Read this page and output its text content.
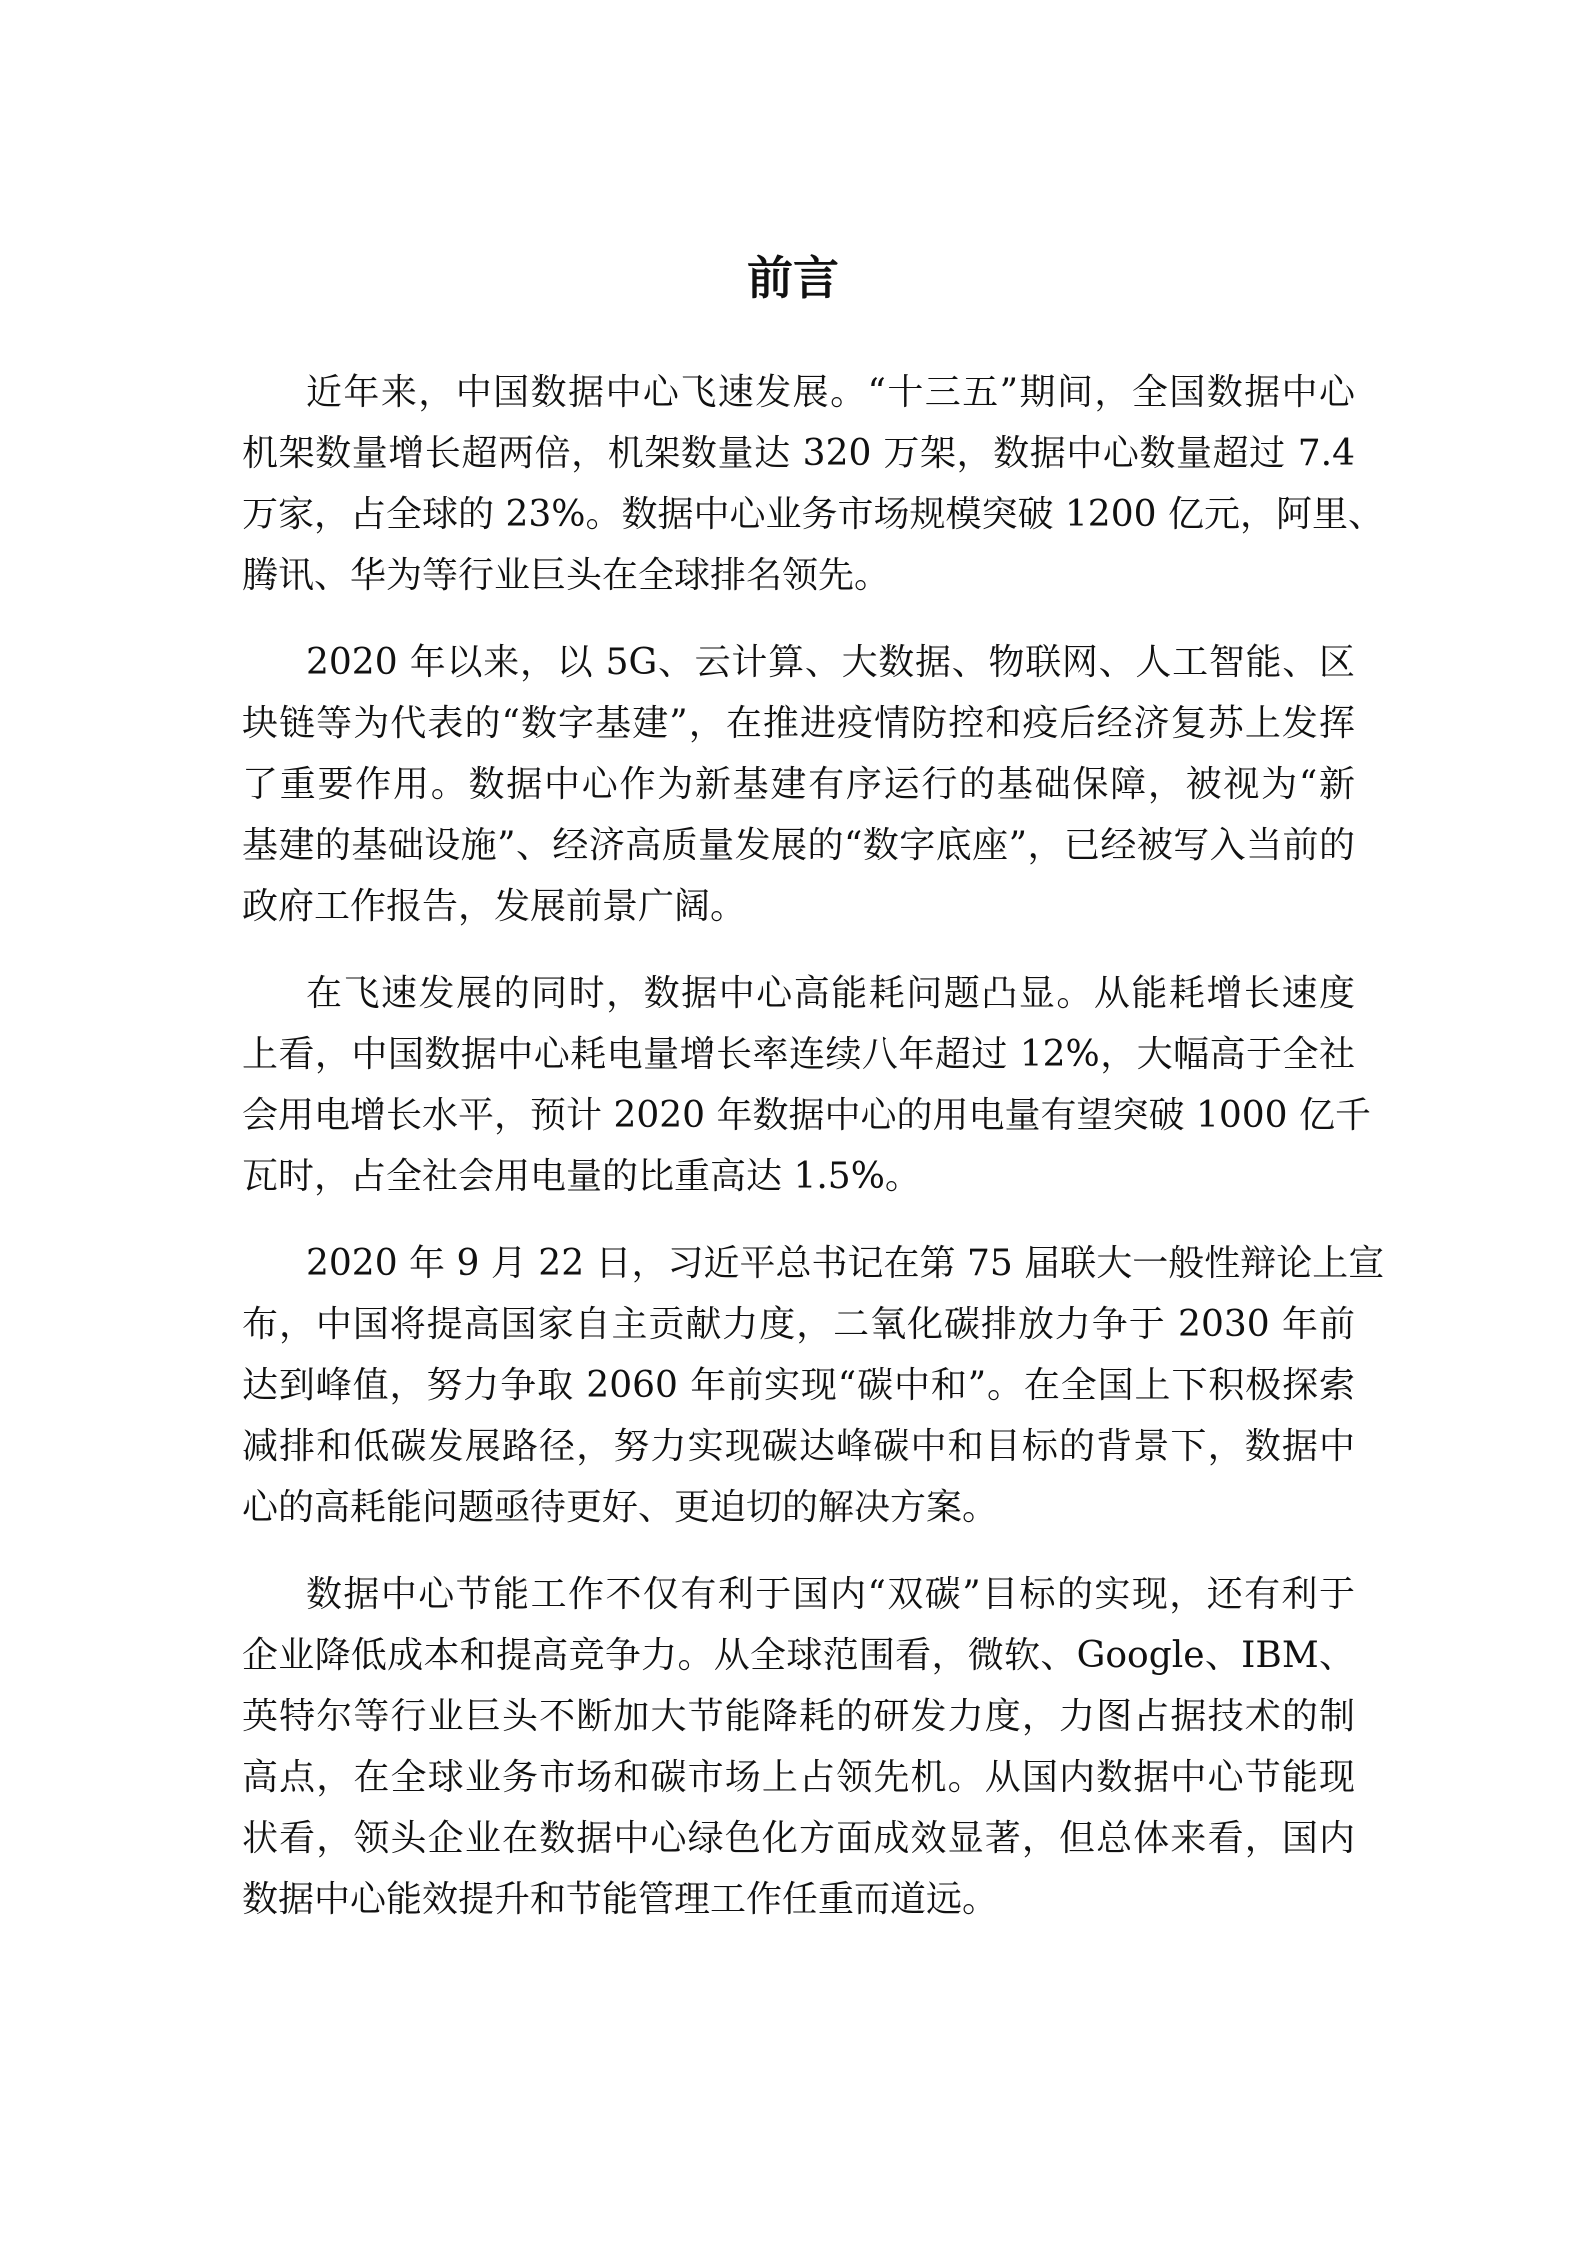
前言

近年来，中国数据中心飞速发展。“十三五”期间，全国数据中心
机架数量增长超两倍，机架数量达 320 万架，数据中心数量超过 7.4
万家，占全球的 23%。数据中心业务市场规模突破 1200 亿元，阿里、
腾讯、华为等行业巨头在全球排名领先。

2020 年以来，以 5G、云计算、大数据、物联网、人工智能、区
块链等为代表的“数字基建”，在推进疫情防控和疫后经济复苏上发挥
了重要作用。数据中心作为新基建有序运行的基础保障，被视为“新
基建的基础设施”、经济高质量发展的“数字底座”，已经被写入当前的
政府工作报告，发展前景广阔。

在飞速发展的同时，数据中心高能耗问题凸显。从能耗增长速度
上看，中国数据中心耗电量增长率连续八年超过 12%，大幅高于全社
会用电增长水平，预计 2020 年数据中心的用电量有望突破 1000 亿千
瓦时，占全社会用电量的比重高达 1.5%。

2020 年 9 月 22 日，习近平总书记在第 75 届联大一般性辩论上宣
布，中国将提高国家自主贡献力度，二氧化碳排放力争于 2030 年前
达到峰值，努力争取 2060 年前实现“碳中和”。在全国上下积极探索
减排和低碳发展路径，努力实现碳达峰碳中和目标的背景下，数据中
心的高耗能问题亟待更好、更迫切的解决方案。

数据中心节能工作不仅有利于国内“双碳”目标的实现，还有利于
企业降低成本和提高竞争力。从全球范围看，微软、Google、IBM、
英特尔等行业巨头不断加大节能降耗的研发力度，力图占据技术的制
高点，在全球业务市场和碳市场上占领先机。从国内数据中心节能现
状看，领头企业在数据中心绿色化方面成效显著，但总体来看，国内
数据中心能效提升和节能管理工作任重而道远。
